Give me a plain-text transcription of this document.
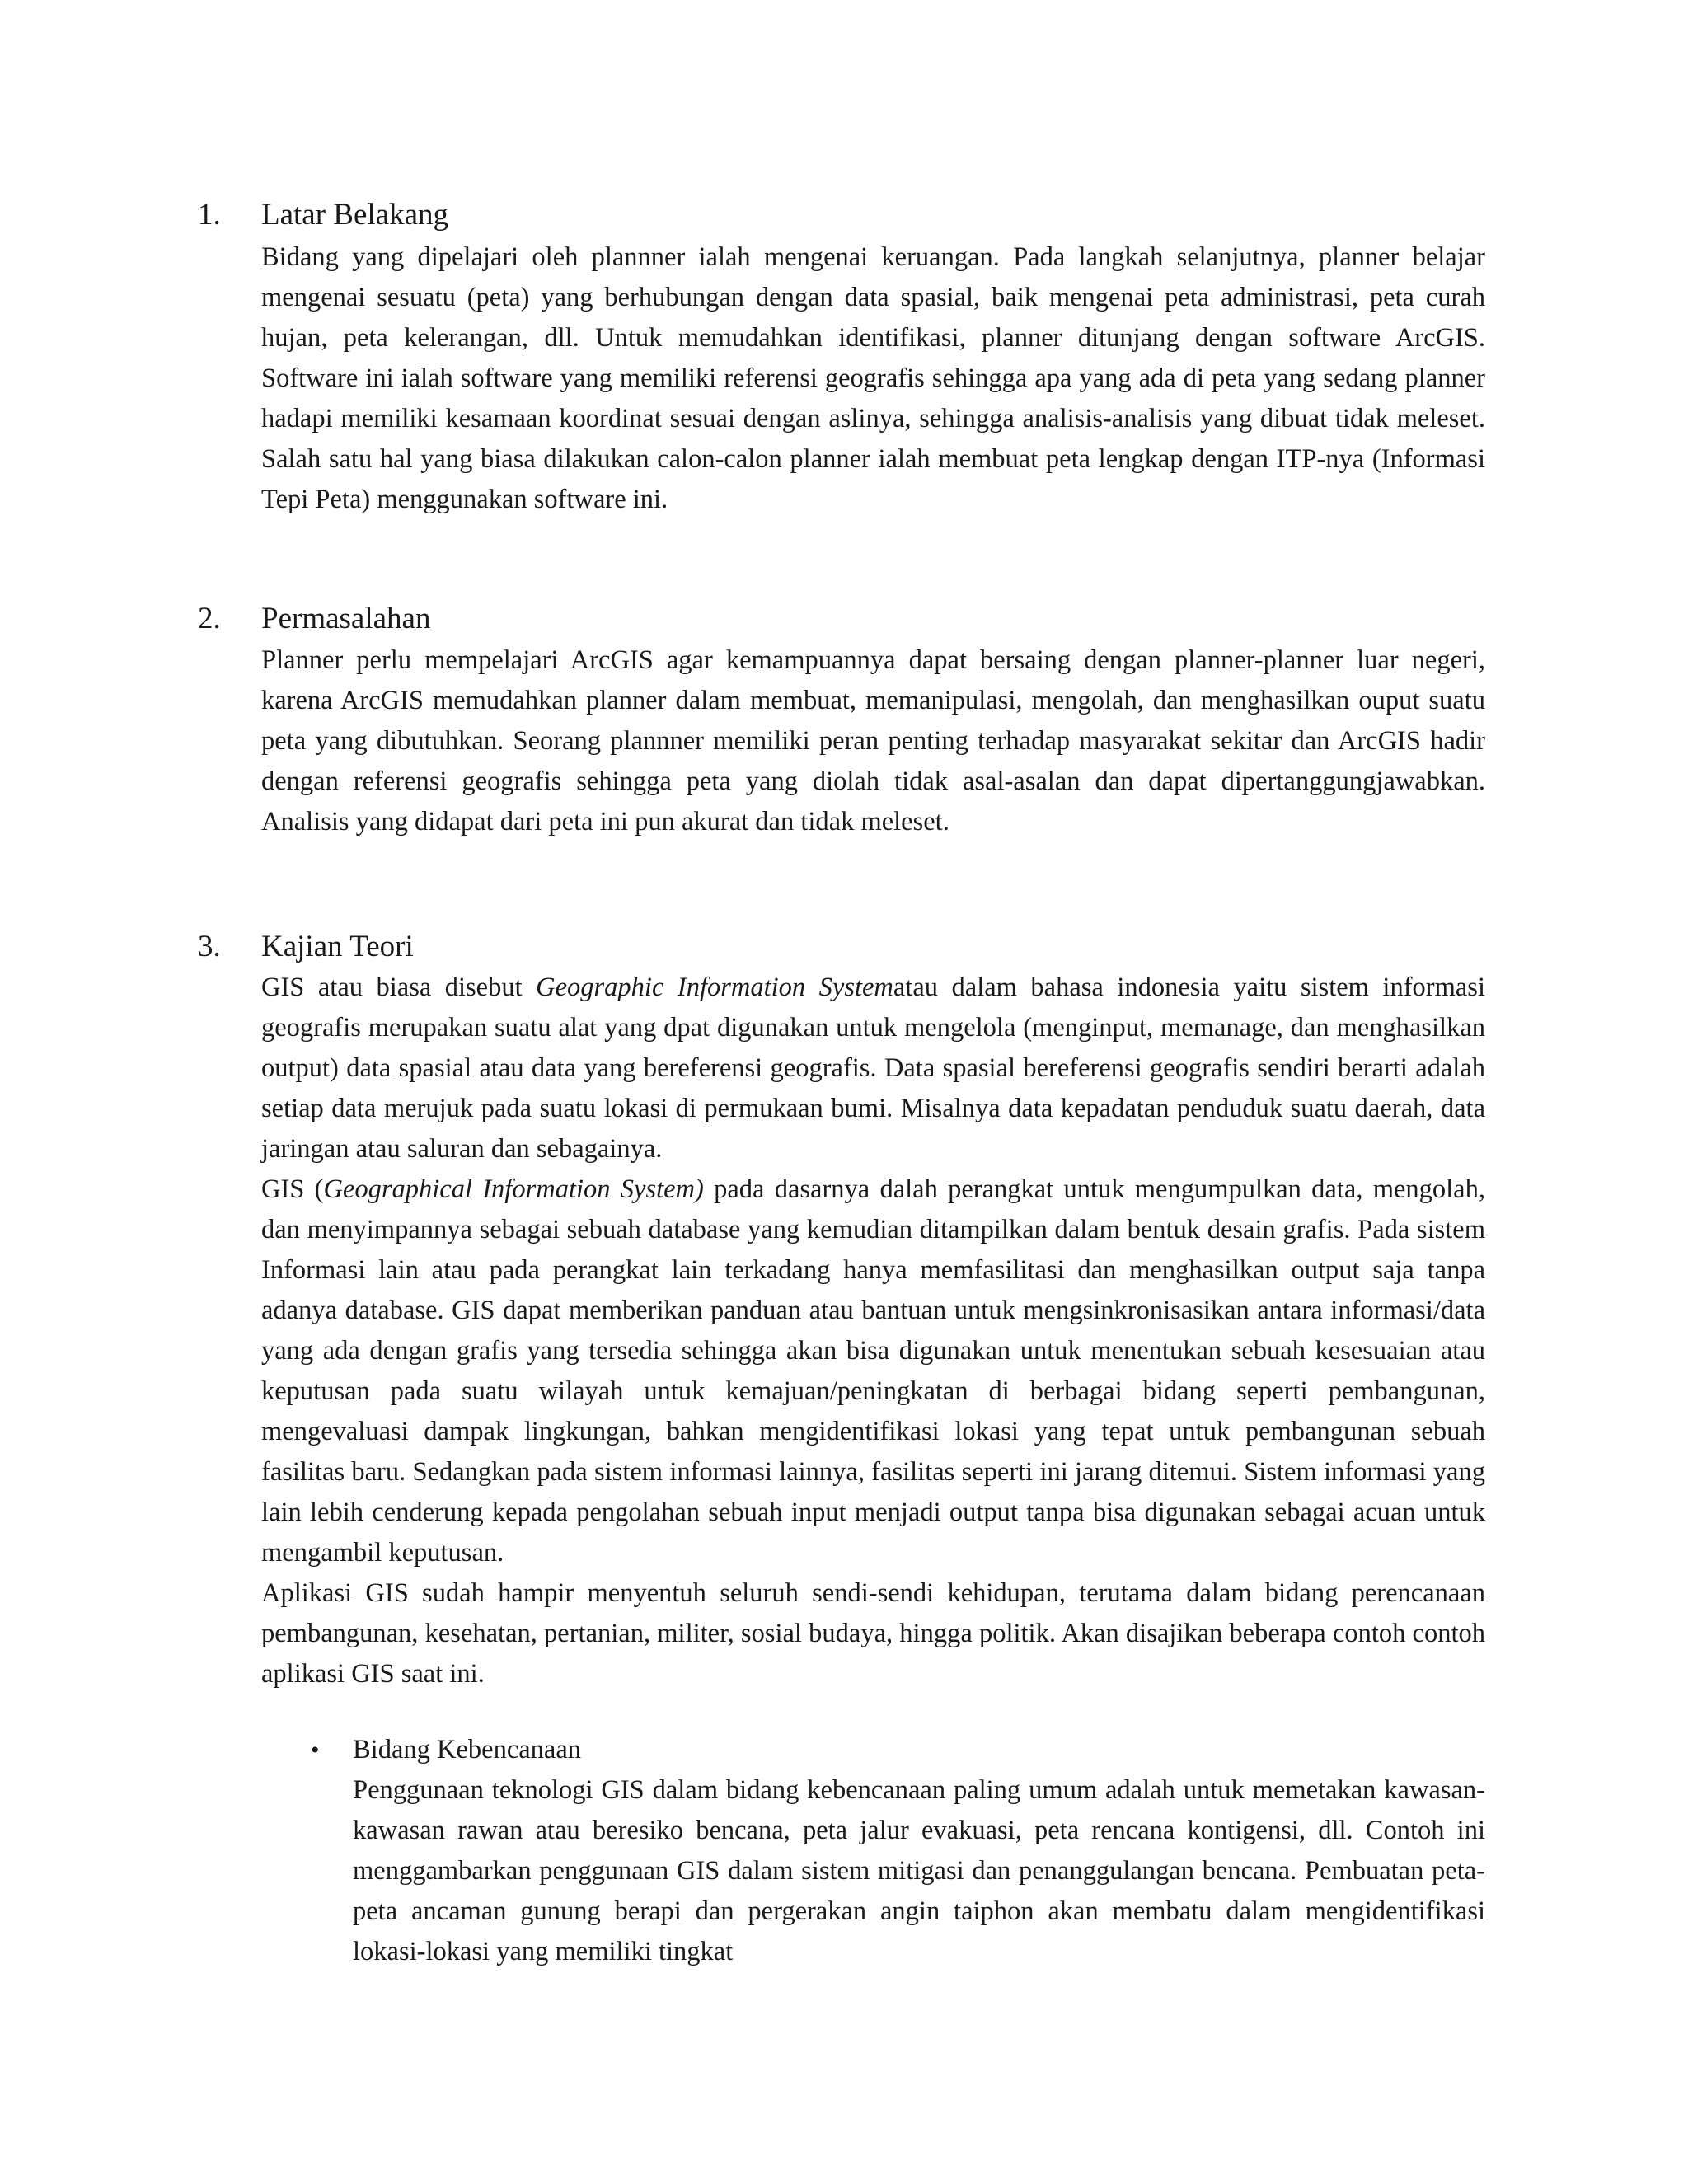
1. Latar Belakang

Bidang yang dipelajari oleh plannner ialah mengenai keruangan. Pada langkah selanjutnya, planner belajar mengenai sesuatu (peta) yang berhubungan dengan data spasial, baik mengenai peta administrasi, peta curah hujan, peta kelerangan, dll. Untuk memudahkan identifikasi, planner ditunjang dengan software ArcGIS. Software ini ialah software yang memiliki referensi geografis sehingga apa yang ada di peta yang sedang planner hadapi memiliki kesamaan koordinat sesuai dengan aslinya, sehingga analisis-analisis yang dibuat tidak meleset. Salah satu hal yang biasa dilakukan calon-calon planner ialah membuat peta lengkap dengan ITP-nya (Informasi Tepi Peta) menggunakan software ini.

2. Permasalahan

Planner perlu mempelajari ArcGIS agar kemampuannya dapat bersaing dengan planner-planner luar negeri, karena ArcGIS memudahkan planner dalam membuat, memanipulasi, mengolah, dan menghasilkan ouput suatu peta yang dibutuhkan. Seorang plannner memiliki peran penting terhadap masyarakat sekitar dan ArcGIS hadir dengan referensi geografis sehingga peta yang diolah tidak asal-asalan dan dapat dipertanggungjawabkan. Analisis yang didapat dari peta ini pun akurat dan tidak meleset.

3. Kajian Teori

GIS atau biasa disebut Geographic Information Systematau dalam bahasa indonesia yaitu sistem informasi geografis merupakan suatu alat yang dpat digunakan untuk mengelola (menginput, memanage, dan menghasilkan output) data spasial atau data yang bereferensi geografis. Data spasial bereferensi geografis sendiri berarti adalah setiap data merujuk pada suatu lokasi di permukaan bumi. Misalnya data kepadatan penduduk suatu daerah, data jaringan atau saluran dan sebagainya.

GIS (Geographical Information System) pada dasarnya dalah perangkat untuk mengumpulkan data, mengolah, dan menyimpannya sebagai sebuah database yang kemudian ditampilkan dalam bentuk desain grafis. Pada sistem Informasi lain atau pada perangkat lain terkadang hanya memfasilitasi dan menghasilkan output saja tanpa adanya database. GIS dapat memberikan panduan atau bantuan untuk mengsinkronisasikan antara informasi/data yang ada dengan grafis yang tersedia sehingga akan bisa digunakan untuk menentukan sebuah kesesuaian atau keputusan pada suatu wilayah untuk kemajuan/peningkatan di berbagai bidang seperti pembangunan, mengevaluasi dampak lingkungan, bahkan mengidentifikasi lokasi yang tepat untuk pembangunan sebuah fasilitas baru. Sedangkan pada sistem informasi lainnya, fasilitas seperti ini jarang ditemui. Sistem informasi yang lain lebih cenderung kepada pengolahan sebuah input menjadi output tanpa bisa digunakan sebagai acuan untuk mengambil keputusan.

Aplikasi GIS sudah hampir menyentuh seluruh sendi-sendi kehidupan, terutama dalam bidang perencanaan pembangunan, kesehatan, pertanian, militer, sosial budaya, hingga politik. Akan disajikan beberapa contoh contoh aplikasi GIS saat ini.

• Bidang Kebencanaan

Penggunaan teknologi GIS dalam bidang kebencanaan paling umum adalah untuk memetakan kawasan-kawasan rawan atau beresiko bencana, peta jalur evakuasi, peta rencana kontigensi, dll. Contoh ini menggambarkan penggunaan GIS dalam sistem mitigasi dan penanggulangan bencana. Pembuatan peta-peta ancaman gunung berapi dan pergerakan angin taiphon akan membatu dalam mengidentifikasi lokasi-lokasi yang memiliki tingkat
